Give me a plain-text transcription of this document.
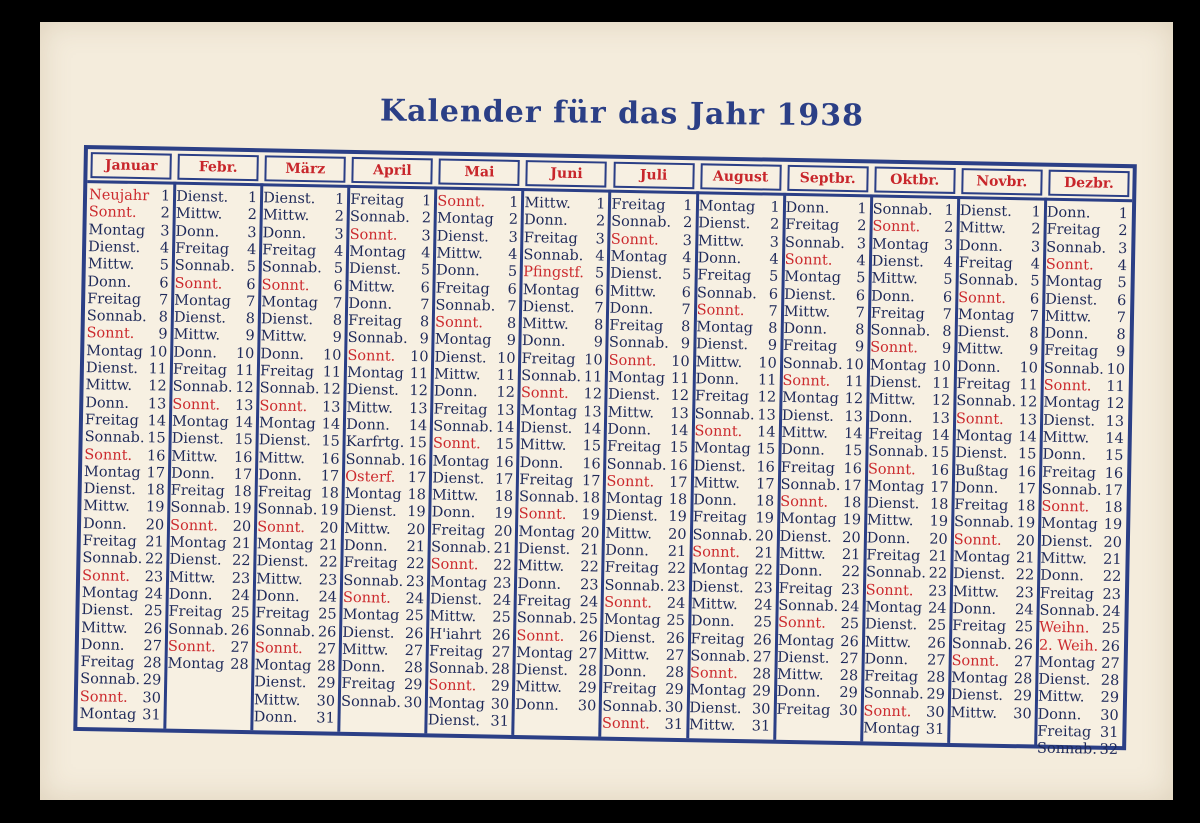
Kalender für das Jahr 1938
Januar
Neujahr 1
Sonnt. 2
Montag 3
Dienst. 4
Mittw. 5
Donn. 6
Freitag 7
Sonnab. 8
Sonnt. 9
Montag 10
Dienst. 11
Mittw. 12
Donn. 13
Freitag 14
Sonnab. 15
Sonnt. 16
Montag 17
Dienst. 18
Mittw. 19
Donn. 20
Freitag 21
Sonnab. 22
Sonnt. 23
Montag 24
Dienst. 25
Mittw. 26
Donn. 27
Freitag 28
Sonnab. 29
Sonnt. 30
Montag 31
Febr.
Dienst. 1
Mittw. 2
Donn. 3
Freitag 4
Sonnab. 5
Sonnt. 6
Montag 7
Dienst. 8
Mittw. 9
Donn. 10
Freitag 11
Sonnab. 12
Sonnt. 13
Montag 14
Dienst. 15
Mittw. 16
Donn. 17
Freitag 18
Sonnab. 19
Sonnt. 20
Montag 21
Dienst. 22
Mittw. 23
Donn. 24
Freitag 25
Sonnab. 26
Sonnt. 27
Montag 28
März
Dienst. 1
Mittw. 2
Donn. 3
Freitag 4
Sonnab. 5
Sonnt. 6
Montag 7
Dienst. 8
Mittw. 9
Donn. 10
Freitag 11
Sonnab. 12
Sonnt. 13
Montag 14
Dienst. 15
Mittw. 16
Donn. 17
Freitag 18
Sonnab. 19
Sonnt. 20
Montag 21
Dienst. 22
Mittw. 23
Donn. 24
Freitag 25
Sonnab. 26
Sonnt. 27
Montag 28
Dienst. 29
Mittw. 30
Donn. 31
April
Freitag 1
Sonnab. 2
Sonnt. 3
Montag 4
Dienst. 5
Mittw. 6
Donn. 7
Freitag 8
Sonnab. 9
Sonnt. 10
Montag 11
Dienst. 12
Mittw. 13
Donn. 14
Karfrtg. 15
Sonnab. 16
Osterf. 17
Montag 18
Dienst. 19
Mittw. 20
Donn. 21
Freitag 22
Sonnab. 23
Sonnt. 24
Montag 25
Dienst. 26
Mittw. 27
Donn. 28
Freitag 29
Sonnab. 30
Mai
Sonnt. 1
Montag 2
Dienst. 3
Mittw. 4
Donn. 5
Freitag 6
Sonnab. 7
Sonnt. 8
Montag 9
Dienst. 10
Mittw. 11
Donn. 12
Freitag 13
Sonnab. 14
Sonnt. 15
Montag 16
Dienst. 17
Mittw. 18
Donn. 19
Freitag 20
Sonnab. 21
Sonnt. 22
Montag 23
Dienst. 24
Mittw. 25
H'iahrt 26
Freitag 27
Sonnab. 28
Sonnt. 29
Montag 30
Dienst. 31
Juni
Mittw. 1
Donn. 2
Freitag 3
Sonnab. 4
Pfingstf. 5
Montag 6
Dienst. 7
Mittw. 8
Donn. 9
Freitag 10
Sonnab. 11
Sonnt. 12
Montag 13
Dienst. 14
Mittw. 15
Donn. 16
Freitag 17
Sonnab. 18
Sonnt. 19
Montag 20
Dienst. 21
Mittw. 22
Donn. 23
Freitag 24
Sonnab. 25
Sonnt. 26
Montag 27
Dienst. 28
Mittw. 29
Donn. 30
Juli
Freitag 1
Sonnab. 2
Sonnt. 3
Montag 4
Dienst. 5
Mittw. 6
Donn. 7
Freitag 8
Sonnab. 9
Sonnt. 10
Montag 11
Dienst. 12
Mittw. 13
Donn. 14
Freitag 15
Sonnab. 16
Sonnt. 17
Montag 18
Dienst. 19
Mittw. 20
Donn. 21
Freitag 22
Sonnab. 23
Sonnt. 24
Montag 25
Dienst. 26
Mittw. 27
Donn. 28
Freitag 29
Sonnab. 30
Sonnt. 31
August
Montag 1
Dienst. 2
Mittw. 3
Donn. 4
Freitag 5
Sonnab. 6
Sonnt. 7
Montag 8
Dienst. 9
Mittw. 10
Donn. 11
Freitag 12
Sonnab. 13
Sonnt. 14
Montag 15
Dienst. 16
Mittw. 17
Donn. 18
Freitag 19
Sonnab. 20
Sonnt. 21
Montag 22
Dienst. 23
Mittw. 24
Donn. 25
Freitag 26
Sonnab. 27
Sonnt. 28
Montag 29
Dienst. 30
Mittw. 31
Septbr.
Donn. 1
Freitag 2
Sonnab. 3
Sonnt. 4
Montag 5
Dienst. 6
Mittw. 7
Donn. 8
Freitag 9
Sonnab. 10
Sonnt. 11
Montag 12
Dienst. 13
Mittw. 14
Donn. 15
Freitag 16
Sonnab. 17
Sonnt. 18
Montag 19
Dienst. 20
Mittw. 21
Donn. 22
Freitag 23
Sonnab. 24
Sonnt. 25
Montag 26
Dienst. 27
Mittw. 28
Donn. 29
Freitag 30
Oktbr.
Sonnab. 1
Sonnt. 2
Montag 3
Dienst. 4
Mittw. 5
Donn. 6
Freitag 7
Sonnab. 8
Sonnt. 9
Montag 10
Dienst. 11
Mittw. 12
Donn. 13
Freitag 14
Sonnab. 15
Sonnt. 16
Montag 17
Dienst. 18
Mittw. 19
Donn. 20
Freitag 21
Sonnab. 22
Sonnt. 23
Montag 24
Dienst. 25
Mittw. 26
Donn. 27
Freitag 28
Sonnab. 29
Sonnt. 30
Montag 31
Novbr.
Dienst. 1
Mittw. 2
Donn. 3
Freitag 4
Sonnab. 5
Sonnt. 6
Montag 7
Dienst. 8
Mittw. 9
Donn. 10
Freitag 11
Sonnab. 12
Sonnt. 13
Montag 14
Dienst. 15
Bußtag 16
Donn. 17
Freitag 18
Sonnab. 19
Sonnt. 20
Montag 21
Dienst. 22
Mittw. 23
Donn. 24
Freitag 25
Sonnab. 26
Sonnt. 27
Montag 28
Dienst. 29
Mittw. 30
Dezbr.
Donn. 1
Freitag 2
Sonnab. 3
Sonnt. 4
Montag 5
Dienst. 6
Mittw. 7
Donn. 8
Freitag 9
Sonnab. 10
Sonnt. 11
Montag 12
Dienst. 13
Mittw. 14
Donn. 15
Freitag 16
Sonnab. 17
Sonnt. 18
Montag 19
Dienst. 20
Mittw. 21
Donn. 22
Freitag 23
Sonnab. 24
Weihn. 25
2. Weih. 26
Montag 27
Dienst. 28
Mittw. 29
Donn. 30
Freitag 31
Sonnab. 32
